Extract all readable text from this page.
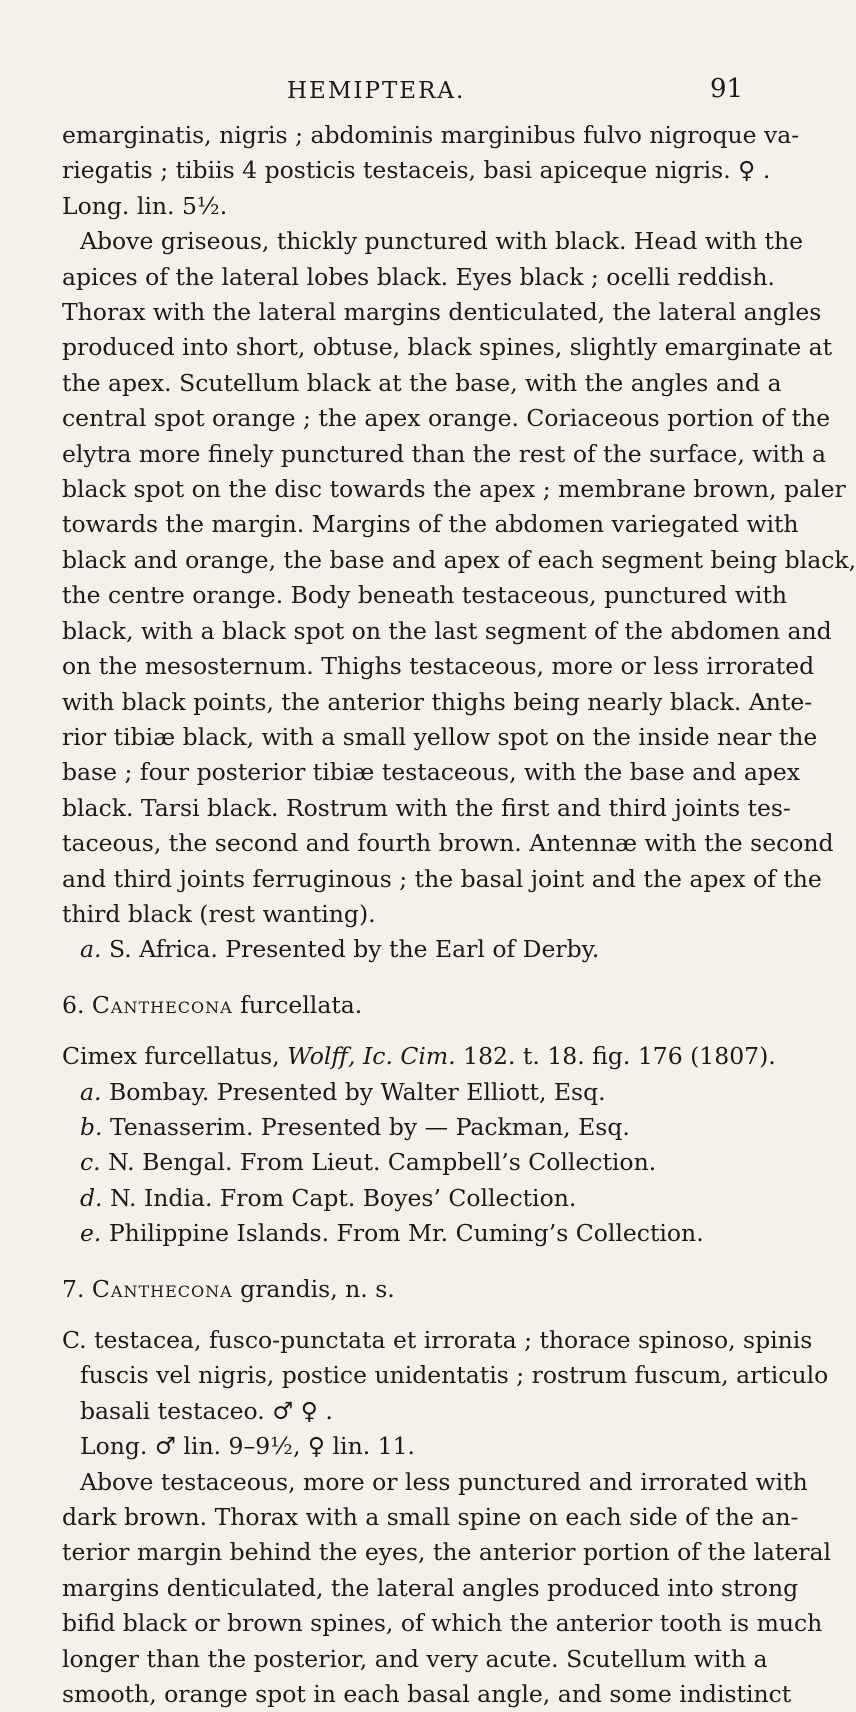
HEMIPTERA.	91
emarginatis, nigris ; abdominis marginibus fulvo nigroque va-
riegatis ; tibiis 4 posticis testaceis, basi apiceque nigris. ♀ .
Long. lin. 5½.
Above griseous, thickly punctured with black. Head with the
apices of the lateral lobes black. Eyes black ; ocelli reddish.
Thorax with the lateral margins denticulated, the lateral angles
produced into short, obtuse, black spines, slightly emarginate at
the apex. Scutellum black at the base, with the angles and a
central spot orange ; the apex orange. Coriaceous portion of the
elytra more finely punctured than the rest of the surface, with a
black spot on the disc towards the apex ; membrane brown, paler
towards the margin. Margins of the abdomen variegated with
black and orange, the base and apex of each segment being black,
the centre orange. Body beneath testaceous, punctured with
black, with a black spot on the last segment of the abdomen and
on the mesosternum. Thighs testaceous, more or less irrorated
with black points, the anterior thighs being nearly black. Ante-
rior tibiæ black, with a small yellow spot on the inside near the
base ; four posterior tibiæ testaceous, with the base and apex
black. Tarsi black. Rostrum with the first and third joints tes-
taceous, the second and fourth brown. Antennæ with the second
and third joints ferruginous ; the basal joint and the apex of the
third black (rest wanting).
a. S. Africa. Presented by the Earl of Derby.
6. Canthecona furcellata.
Cimex furcellatus, Wolff, Ic. Cim. 182. t. 18. fig. 176 (1807).
a. Bombay. Presented by Walter Elliott, Esq.
b. Tenasserim. Presented by — Packman, Esq.
c. N. Bengal. From Lieut. Campbell’s Collection.
d. N. India. From Capt. Boyes’ Collection.
e. Philippine Islands. From Mr. Cuming’s Collection.
7. Canthecona grandis, n. s.
C. testacea, fusco-punctata et irrorata ; thorace spinoso, spinis
fuscis vel nigris, postice unidentatis ; rostrum fuscum, articulo
basali testaceo. ♂ ♀ .
Long. ♂ lin. 9–9½, ♀ lin. 11.
Above testaceous, more or less punctured and irrorated with
dark brown. Thorax with a small spine on each side of the an-
terior margin behind the eyes, the anterior portion of the lateral
margins denticulated, the lateral angles produced into strong
bifid black or brown spines, of which the anterior tooth is much
longer than the posterior, and very acute. Scutellum with a
smooth, orange spot in each basal angle, and some indistinct
